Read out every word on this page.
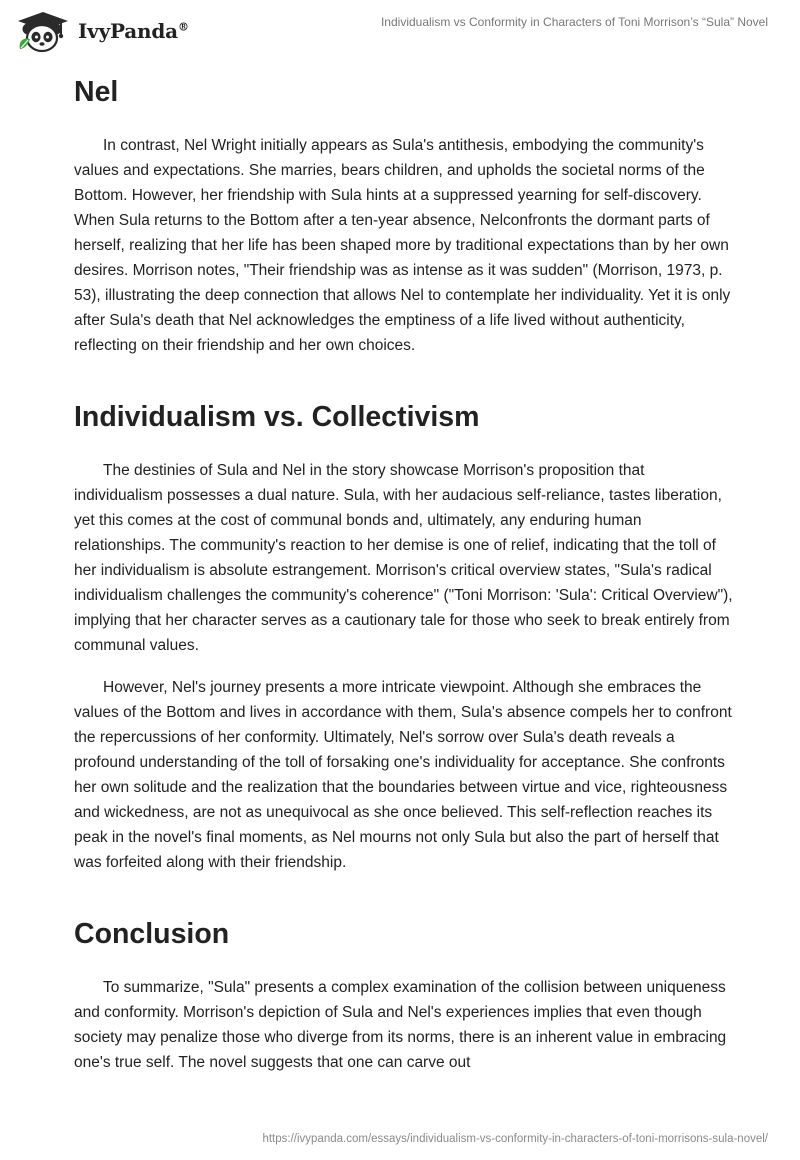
IvyPanda®	Individualism vs Conformity in Characters of Toni Morrison’s “Sula” Novel
Nel

In contrast, Nel Wright initially appears as Sula's antithesis, embodying the community's values and expectations. She marries, bears children, and upholds the societal norms of the Bottom. However, her friendship with Sula hints at a suppressed yearning for self-discovery. When Sula returns to the Bottom after a ten-year absence, Nelconfronts the dormant parts of herself, realizing that her life has been shaped more by traditional expectations than by her own desires. Morrison notes, "Their friendship was as intense as it was sudden" (Morrison, 1973, p. 53), illustrating the deep connection that allows Nel to contemplate her individuality. Yet it is only after Sula's death that Nel acknowledges the emptiness of a life lived without authenticity, reflecting on their friendship and her own choices.

Individualism vs. Collectivism

The destinies of Sula and Nel in the story showcase Morrison's proposition that individualism possesses a dual nature. Sula, with her audacious self-reliance, tastes liberation, yet this comes at the cost of communal bonds and, ultimately, any enduring human relationships. The community's reaction to her demise is one of relief, indicating that the toll of her individualism is absolute estrangement. Morrison's critical overview states, "Sula's radical individualism challenges the community's coherence" ("Toni Morrison: 'Sula': Critical Overview"), implying that her character serves as a cautionary tale for those who seek to break entirely from communal values.

However, Nel's journey presents a more intricate viewpoint. Although she embraces the values of the Bottom and lives in accordance with them, Sula's absence compels her to confront the repercussions of her conformity. Ultimately, Nel's sorrow over Sula's death reveals a profound understanding of the toll of forsaking one's individuality for acceptance. She confronts her own solitude and the realization that the boundaries between virtue and vice, righteousness and wickedness, are not as unequivocal as she once believed. This self-reflection reaches its peak in the novel's final moments, as Nel mourns not only Sula but also the part of herself that was forfeited along with their friendship.

Conclusion

To summarize, "Sula" presents a complex examination of the collision between uniqueness and conformity. Morrison's depiction of Sula and Nel's experiences implies that even though society may penalize those who diverge from its norms, there is an inherent value in embracing one's true self. The novel suggests that one can carve out

https://ivypanda.com/essays/individualism-vs-conformity-in-characters-of-toni-morrisons-sula-novel/
